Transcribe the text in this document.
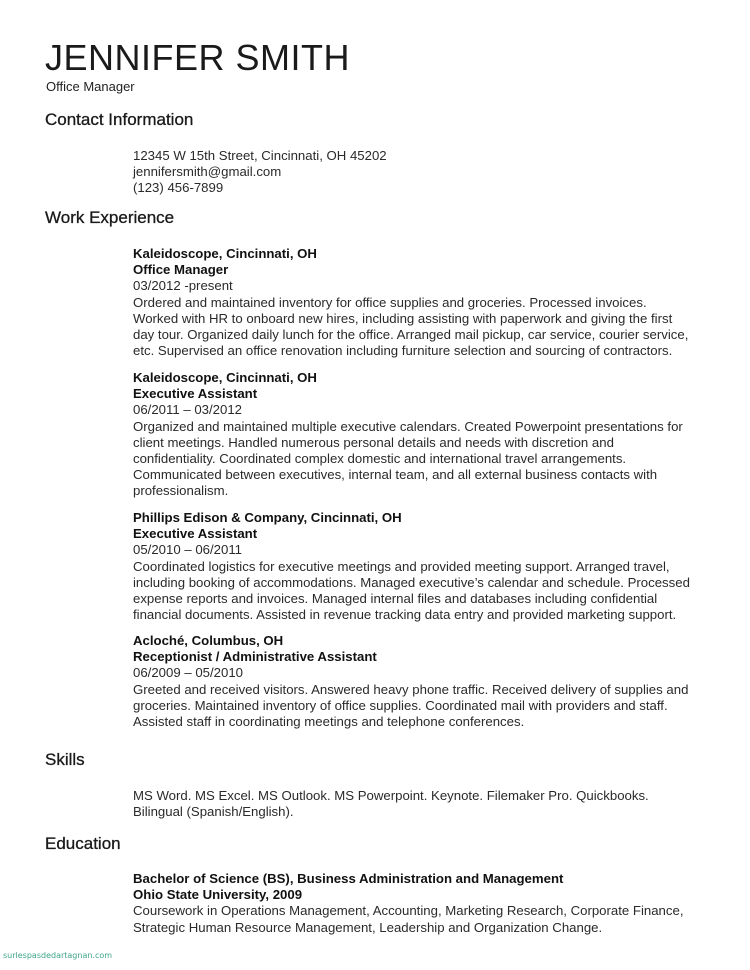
JENNIFER SMITH
Office Manager
Contact Information
12345 W 15th Street, Cincinnati, OH 45202
jennifersmith@gmail.com
(123) 456-7899
Work Experience
Kaleidoscope, Cincinnati, OH
Office Manager
03/2012 -present
Ordered and maintained inventory for office supplies and groceries. Processed invoices.
Worked with HR to onboard new hires, including assisting with paperwork and giving the first
day tour. Organized daily lunch for the office. Arranged mail pickup, car service, courier service,
etc. Supervised an office renovation including furniture selection and sourcing of contractors.
Kaleidoscope, Cincinnati, OH
Executive Assistant
06/2011 – 03/2012
Organized and maintained multiple executive calendars. Created Powerpoint presentations for
client meetings. Handled numerous personal details and needs with discretion and
confidentiality. Coordinated complex domestic and international travel arrangements.
Communicated between executives, internal team, and all external business contacts with
professionalism.
Phillips Edison & Company, Cincinnati, OH
Executive Assistant
05/2010 – 06/2011
Coordinated logistics for executive meetings and provided meeting support. Arranged travel,
including booking of accommodations. Managed executive’s calendar and schedule. Processed
expense reports and invoices. Managed internal files and databases including confidential
financial documents. Assisted in revenue tracking data entry and provided marketing support.
Acloché, Columbus, OH
Receptionist / Administrative Assistant
06/2009 – 05/2010
Greeted and received visitors. Answered heavy phone traffic. Received delivery of supplies and
groceries. Maintained inventory of office supplies. Coordinated mail with providers and staff.
Assisted staff in coordinating meetings and telephone conferences.
Skills
MS Word. MS Excel. MS Outlook. MS Powerpoint. Keynote. Filemaker Pro. Quickbooks.
Bilingual (Spanish/English).
Education
Bachelor of Science (BS), Business Administration and Management
Ohio State University, 2009
Coursework in Operations Management, Accounting, Marketing Research, Corporate Finance,
Strategic Human Resource Management, Leadership and Organization Change.
surlespasdedartagnan.com
